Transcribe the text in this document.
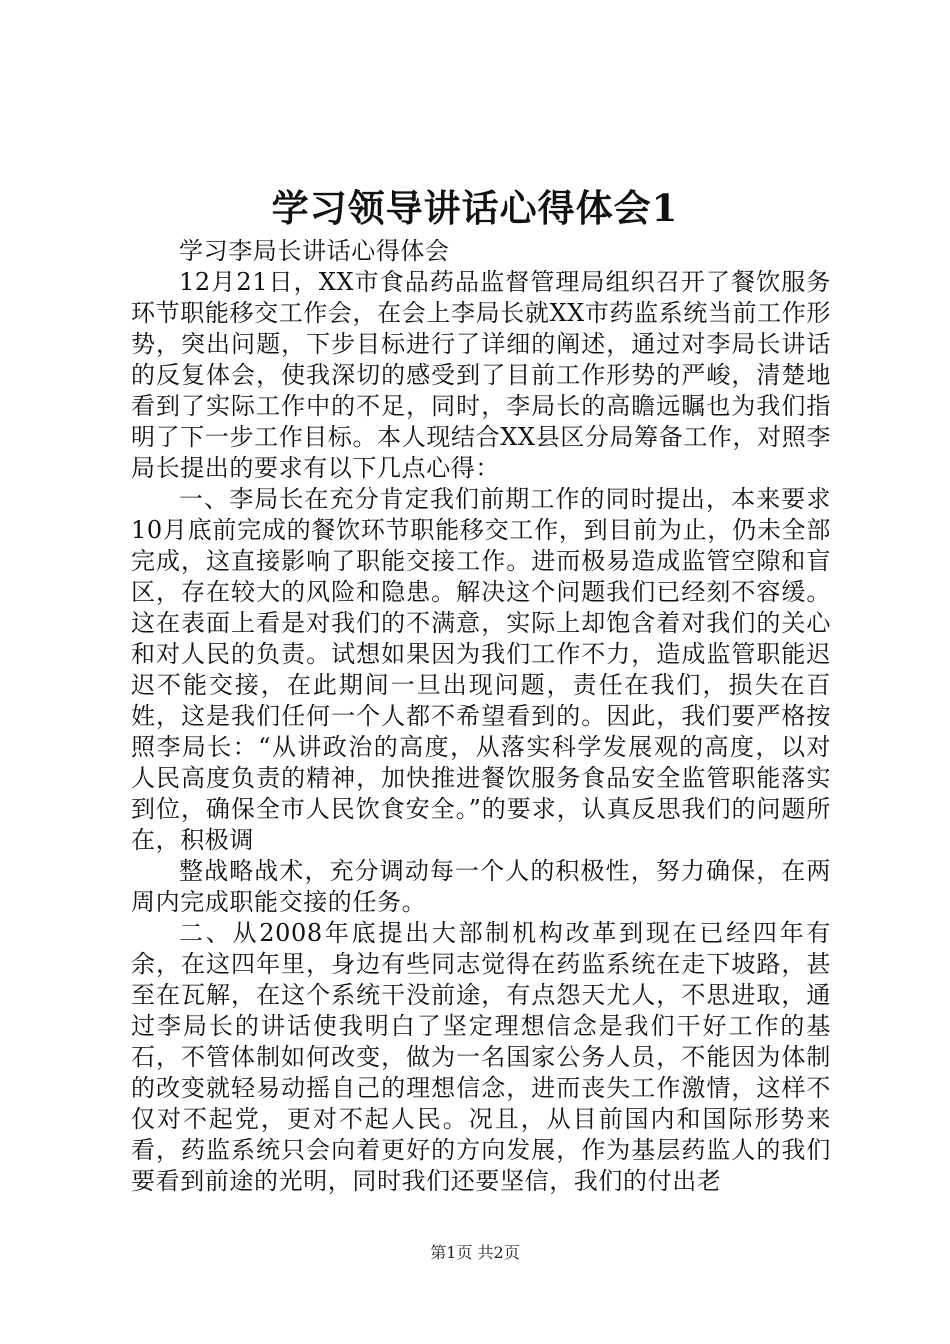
学习领导讲话心得体会1

学习李局长讲话心得体会

12月21日，XX市食品药品监督管理局组织召开了餐饮服务环节职能移交工作会，在会上李局长就XX市药监系统当前工作形势，突出问题，下步目标进行了详细的阐述，通过对李局长讲话的反复体会，使我深切的感受到了目前工作形势的严峻，清楚地看到了实际工作中的不足，同时，李局长的高瞻远瞩也为我们指明了下一步工作目标。本人现结合XX县区分局筹备工作，对照李局长提出的要求有以下几点心得：

一、李局长在充分肯定我们前期工作的同时提出，本来要求10月底前完成的餐饮环节职能移交工作，到目前为止，仍未全部完成，这直接影响了职能交接工作。进而极易造成监管空隙和盲区，存在较大的风险和隐患。解决这个问题我们已经刻不容缓。这在表面上看是对我们的不满意，实际上却饱含着对我们的关心和对人民的负责。试想如果因为我们工作不力，造成监管职能迟迟不能交接，在此期间一旦出现问题，责任在我们，损失在百姓，这是我们任何一个人都不希望看到的。因此，我们要严格按照李局长：“从讲政治的高度，从落实科学发展观的高度，以对人民高度负责的精神，加快推进餐饮服务食品安全监管职能落实到位，确保全市人民饮食安全。”的要求，认真反思我们的问题所在，积极调

整战略战术，充分调动每一个人的积极性，努力确保，在两周内完成职能交接的任务。

二、从2008年底提出大部制机构改革到现在已经四年有余，在这四年里，身边有些同志觉得在药监系统在走下坡路，甚至在瓦解，在这个系统干没前途，有点怨天尤人，不思进取，通过李局长的讲话使我明白了坚定理想信念是我们干好工作的基石，不管体制如何改变，做为一名国家公务人员，不能因为体制的改变就轻易动摇自己的理想信念，进而丧失工作激情，这样不仅对不起党，更对不起人民。况且，从目前国内和国际形势来看，药监系统只会向着更好的方向发展，作为基层药监人的我们要看到前途的光明，同时我们还要坚信，我们的付出老

第1页 共2页
